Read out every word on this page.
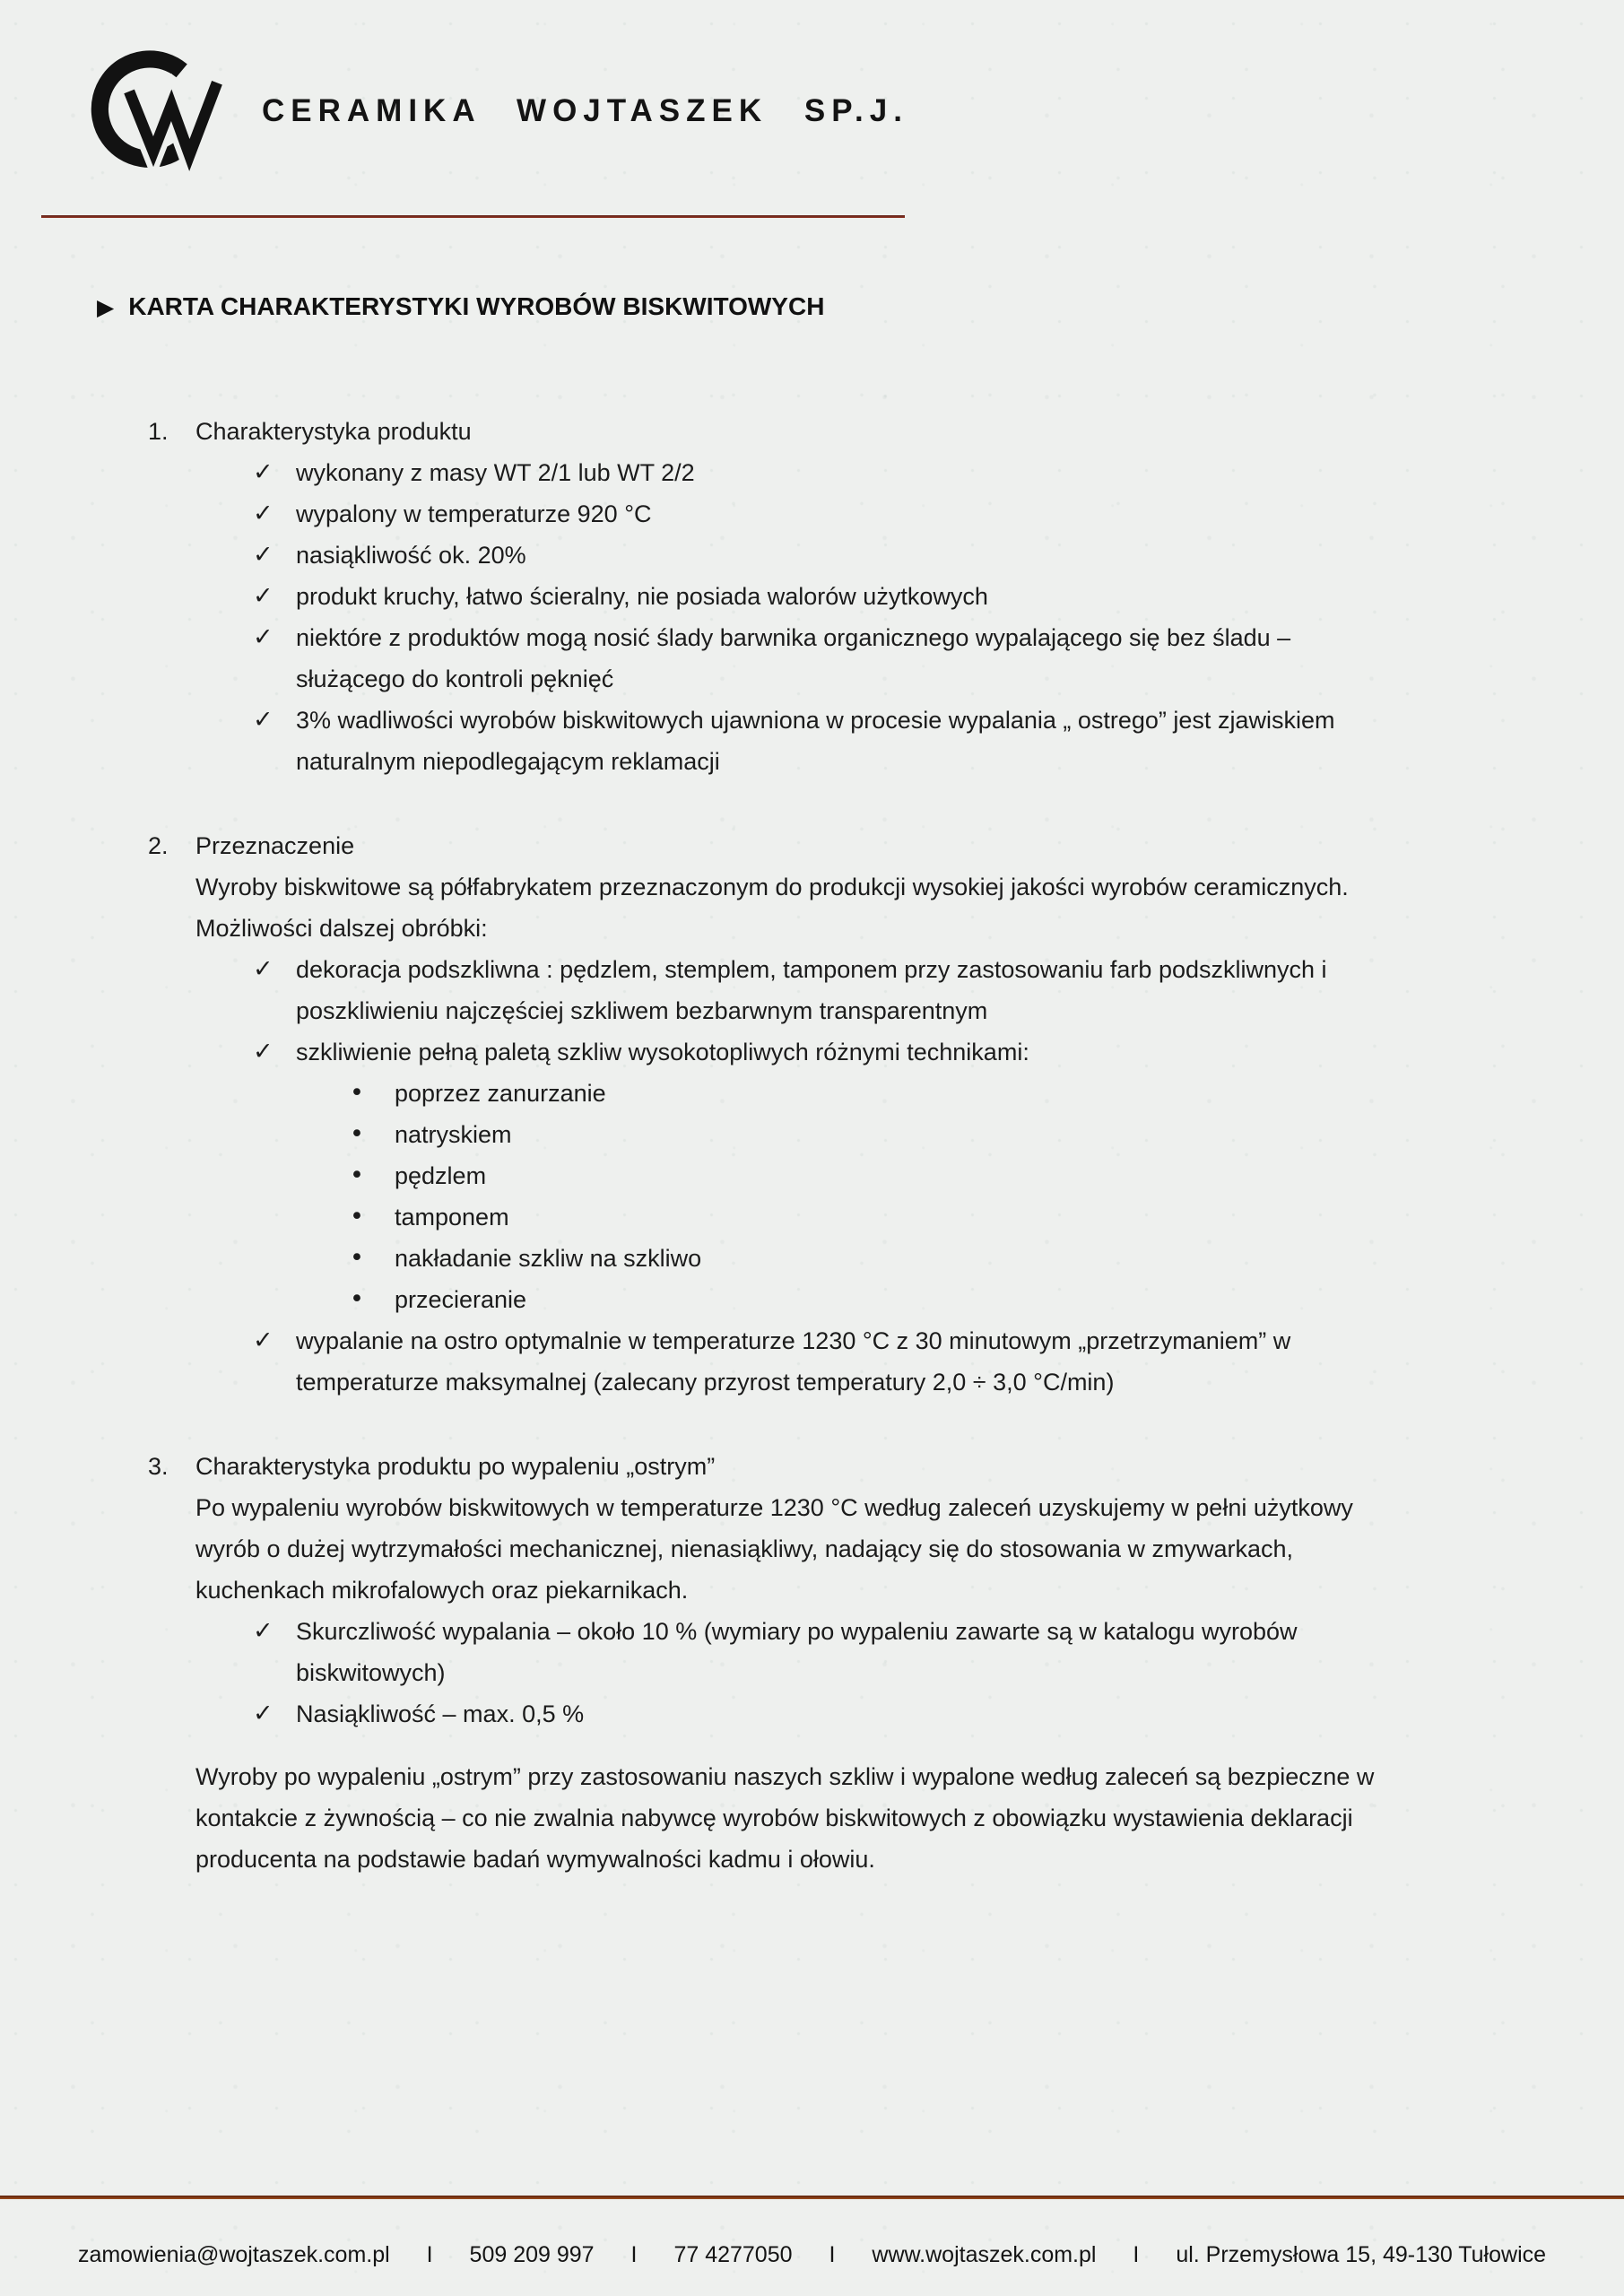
CERAMIKA WOJTASZEK SP.J.
▶ KARTA CHARAKTERYSTYKI WYROBÓW BISKWITOWYCH
1.	Charakterystyka produktu
✓ wykonany z masy WT 2/1 lub WT 2/2
✓ wypalony w temperaturze 920 °C
✓ nasiąkliwość ok. 20%
✓ produkt kruchy, łatwo ścieralny, nie posiada walorów użytkowych
✓ niektóre z produktów mogą nosić ślady barwnika organicznego wypalającego się bez śladu –
służącego do kontroli pęknięć
✓ 3% wadliwości wyrobów biskwitowych ujawniona w procesie wypalania „ ostrego” jest zjawiskiem
naturalnym niepodlegającym reklamacji
2.	Przeznaczenie
Wyroby biskwitowe są półfabrykatem przeznaczonym do produkcji wysokiej jakości wyrobów ceramicznych.
Możliwości dalszej obróbki:
✓ dekoracja podszkliwna : pędzlem, stemplem, tamponem przy zastosowaniu farb podszkliwnych i
poszkliwieniu najczęściej szkliwem bezbarwnym transparentnym
✓ szkliwienie pełną paletą szkliw wysokotopliwych różnymi technikami:
•	poprzez zanurzanie
•	natryskiem
•	pędzlem
•	tamponem
•	nakładanie szkliw na szkliwo
•	przecieranie
✓ wypalanie na ostro optymalnie w temperaturze 1230 °C z 30 minutowym „przetrzymaniem” w
temperaturze maksymalnej (zalecany przyrost temperatury 2,0 ÷ 3,0 °C/min)
3.	Charakterystyka produktu po wypaleniu „ostrym”
Po wypaleniu wyrobów biskwitowych w temperaturze 1230 °C według zaleceń uzyskujemy w pełni użytkowy
wyrób o dużej wytrzymałości mechanicznej, nienasiąkliwy, nadający się do stosowania w zmywarkach,
kuchenkach mikrofalowych oraz piekarnikach.
✓ Skurczliwość wypalania – około 10 % (wymiary po wypaleniu zawarte są w katalogu wyrobów
biskwitowych)
✓ Nasiąkliwość – max. 0,5 %
Wyroby po wypaleniu „ostrym” przy zastosowaniu naszych szkliw i wypalone według zaleceń są bezpieczne w
kontakcie z żywnością – co nie zwalnia nabywcę wyrobów biskwitowych z obowiązku wystawienia deklaracji
producenta na podstawie badań wymywalności kadmu i ołowiu.
zamowienia@wojtaszek.com.pl I 509 209 997 I 77 4277050 I www.wojtaszek.com.pl I ul. Przemysłowa 15, 49-130 Tułowice
